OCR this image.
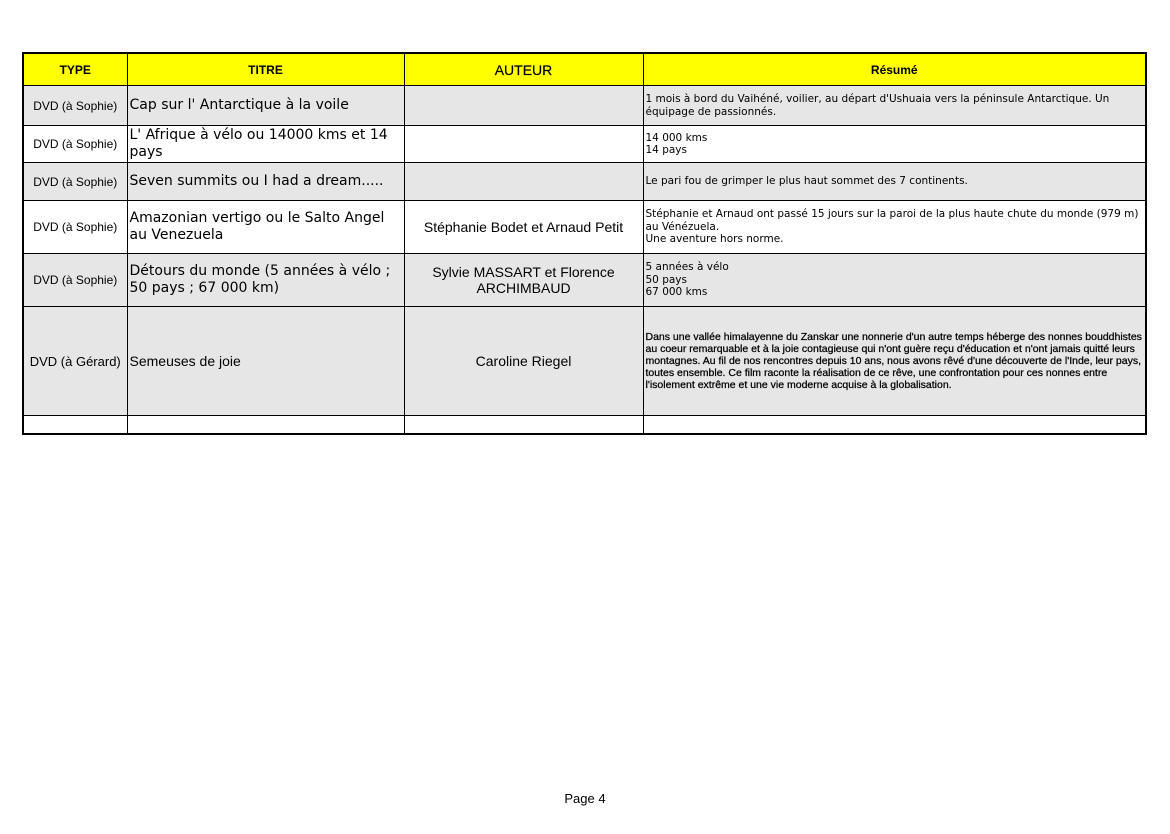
TYPE	TITRE	AUTEUR	Résumé
DVD (à Sophie)	Cap sur l' Antarctique à la voile		1 mois à bord du Vaihéné, voilier, au départ d'Ushuaia vers la péninsule Antarctique. Un équipage de passionnés.

DVD (à Sophie)	L' Afrique à vélo ou 14000 kms et 14 pays		14 000 kms
14 pays

DVD (à Sophie)	Seven summits ou I had a dream.....		Le pari fou de grimper le plus haut sommet des 7 continents.

DVD (à Sophie)	Amazonian vertigo ou le Salto Angel au Venezuela	Stéphanie Bodet et Arnaud Petit	Stéphanie et Arnaud ont passé 15 jours sur la paroi de la plus haute chute du monde (979 m) au Vénézuela.
Une aventure hors norme.

DVD (à Sophie)	Détours du monde (5 années à vélo ; 50 pays ; 67 000 km)	Sylvie MASSART et Florence ARCHIMBAUD	5 années à vélo
50 pays
67 000 kms

DVD (à Gérard)	Semeuses de joie	Caroline Riegel	Dans une vallée himalayenne du Zanskar une nonnerie d'un autre temps héberge des nonnes bouddhistes au coeur remarquable et à la joie contagieuse qui n'ont guère reçu d'éducation et n'ont jamais quitté leurs montagnes. Au fil de nos rencontres depuis 10 ans, nous avons rêvé d'une découverte de l'Inde, leur pays, toutes ensemble. Ce film raconte la réalisation de ce rêve, une confrontation pour ces nonnes entre l'isolement extrême et une vie moderne acquise à la globalisation.

Page 4
